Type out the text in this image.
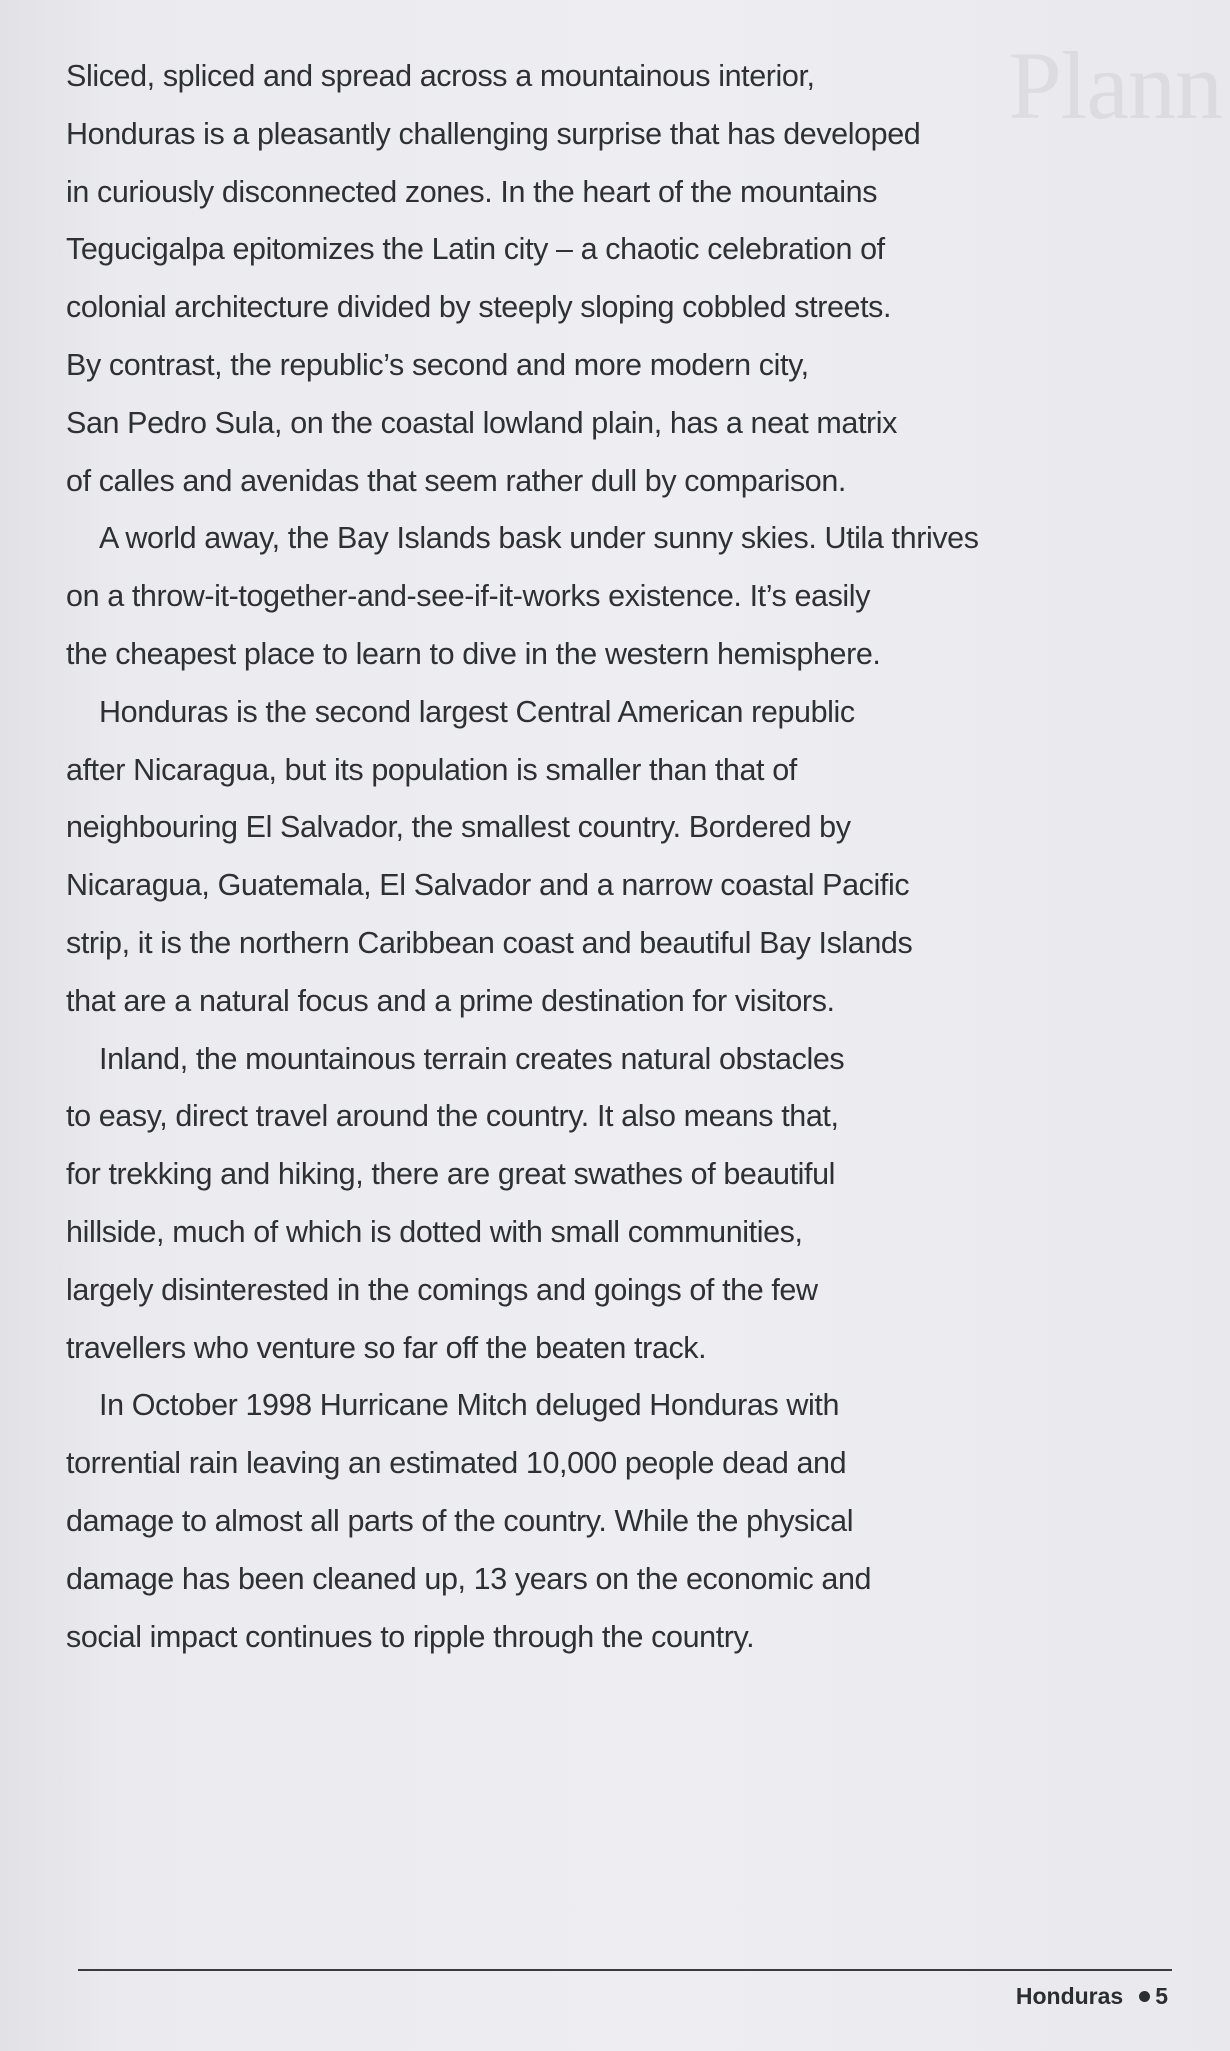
Plann

Sliced, spliced and spread across a mountainous interior,
Honduras is a pleasantly challenging surprise that has developed
in curiously disconnected zones. In the heart of the mountains
Tegucigalpa epitomizes the Latin city – a chaotic celebration of
colonial architecture divided by steeply sloping cobbled streets.
By contrast, the republic’s second and more modern city,
San Pedro Sula, on the coastal lowland plain, has a neat matrix
of calles and avenidas that seem rather dull by comparison.

A world away, the Bay Islands bask under sunny skies. Utila thrives
on a throw-it-together-and-see-if-it-works existence. It’s easily
the cheapest place to learn to dive in the western hemisphere.

Honduras is the second largest Central American republic
after Nicaragua, but its population is smaller than that of
neighbouring El Salvador, the smallest country. Bordered by
Nicaragua, Guatemala, El Salvador and a narrow coastal Pacific
strip, it is the northern Caribbean coast and beautiful Bay Islands
that are a natural focus and a prime destination for visitors.

Inland, the mountainous terrain creates natural obstacles
to easy, direct travel around the country. It also means that,
for trekking and hiking, there are great swathes of beautiful
hillside, much of which is dotted with small communities,
largely disinterested in the comings and goings of the few
travellers who venture so far off the beaten track.

In October 1998 Hurricane Mitch deluged Honduras with
torrential rain leaving an estimated 10,000 people dead and
damage to almost all parts of the country. While the physical
damage has been cleaned up, 13 years on the economic and
social impact continues to ripple through the country.

Honduras 5
